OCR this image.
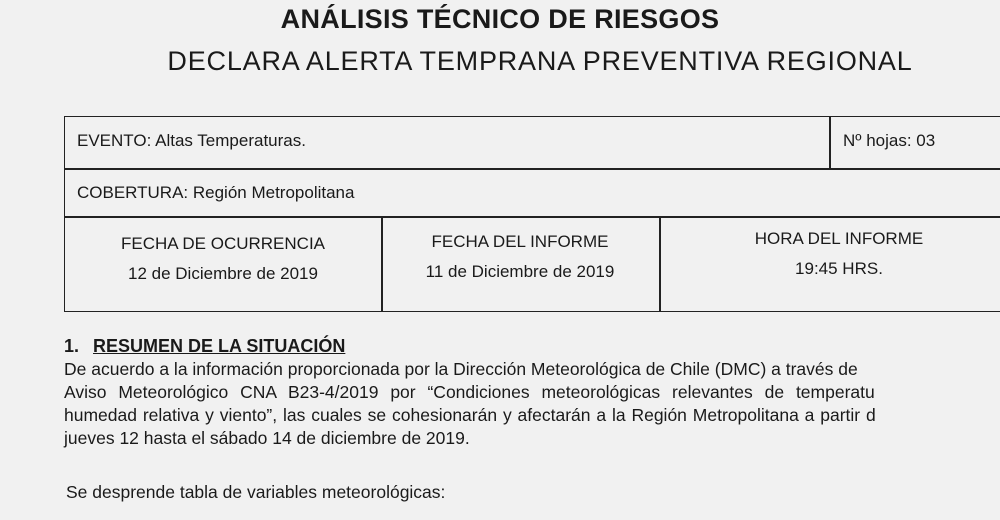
ANÁLISIS TÉCNICO DE RIESGOS
DECLARA ALERTA TEMPRANA PREVENTIVA REGIONAL
EVENTO: Altas Temperaturas.	Nº hojas: 03
COBERTURA: Región Metropolitana
FECHA DE OCURRENCIA
12 de Diciembre de 2019
FECHA DEL INFORME
11 de Diciembre de 2019
HORA DEL INFORME
19:45 HRS.
1. RESUMEN DE LA SITUACIÓN
De acuerdo a la información proporcionada por la Dirección Meteorológica de Chile (DMC) a través de
Aviso Meteorológico CNA B23-4/2019 por “Condiciones meteorológicas relevantes de temperatu
humedad relativa y viento”, las cuales se cohesionarán y afectarán a la Región Metropolitana a partir d
jueves 12 hasta el sábado 14 de diciembre de 2019.
Se desprende tabla de variables meteorológicas:
